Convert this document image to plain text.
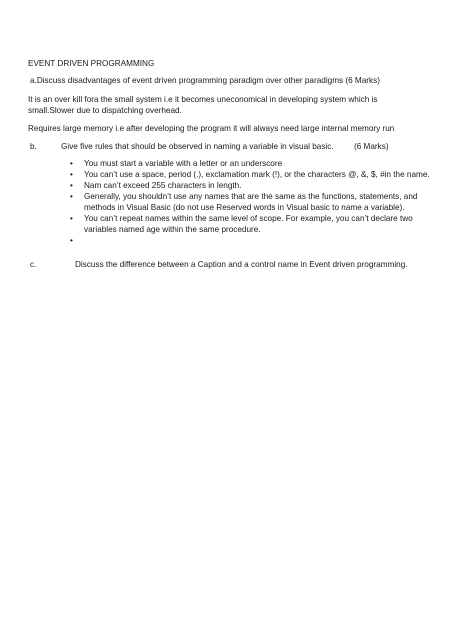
EVENT DRIVEN PROGRAMMING
a.Discuss disadvantages of event driven programming paradigm over other paradigms (6 Marks)
It is an over kill fora the small system i.e it becomes uneconomical in developing system which is
small.Slower due to dispatching overhead.
Requires large memory i.e after developing the program it will always need large internal memory run
b.	Give five rules that should be observed in naming a variable in visual basic. (6 Marks)
• You must start a variable with a letter or an underscore
• You can’t use a space, period (.), exclamation mark (!), or the characters @, &, $, #in the name.
• Nam can’t exceed 255 characters in length.
• Generally, you shouldn’t use any names that are the same as the functions, statements, and
methods in Visual Basic (do not use Reserved words in Visual basic to name a variable).
• You can’t repeat names within the same level of scope. For example, you can’t declare two
variables named age within the same procedure.
•
c.	Discuss the difference between a Caption and a control name in Event driven programming.
